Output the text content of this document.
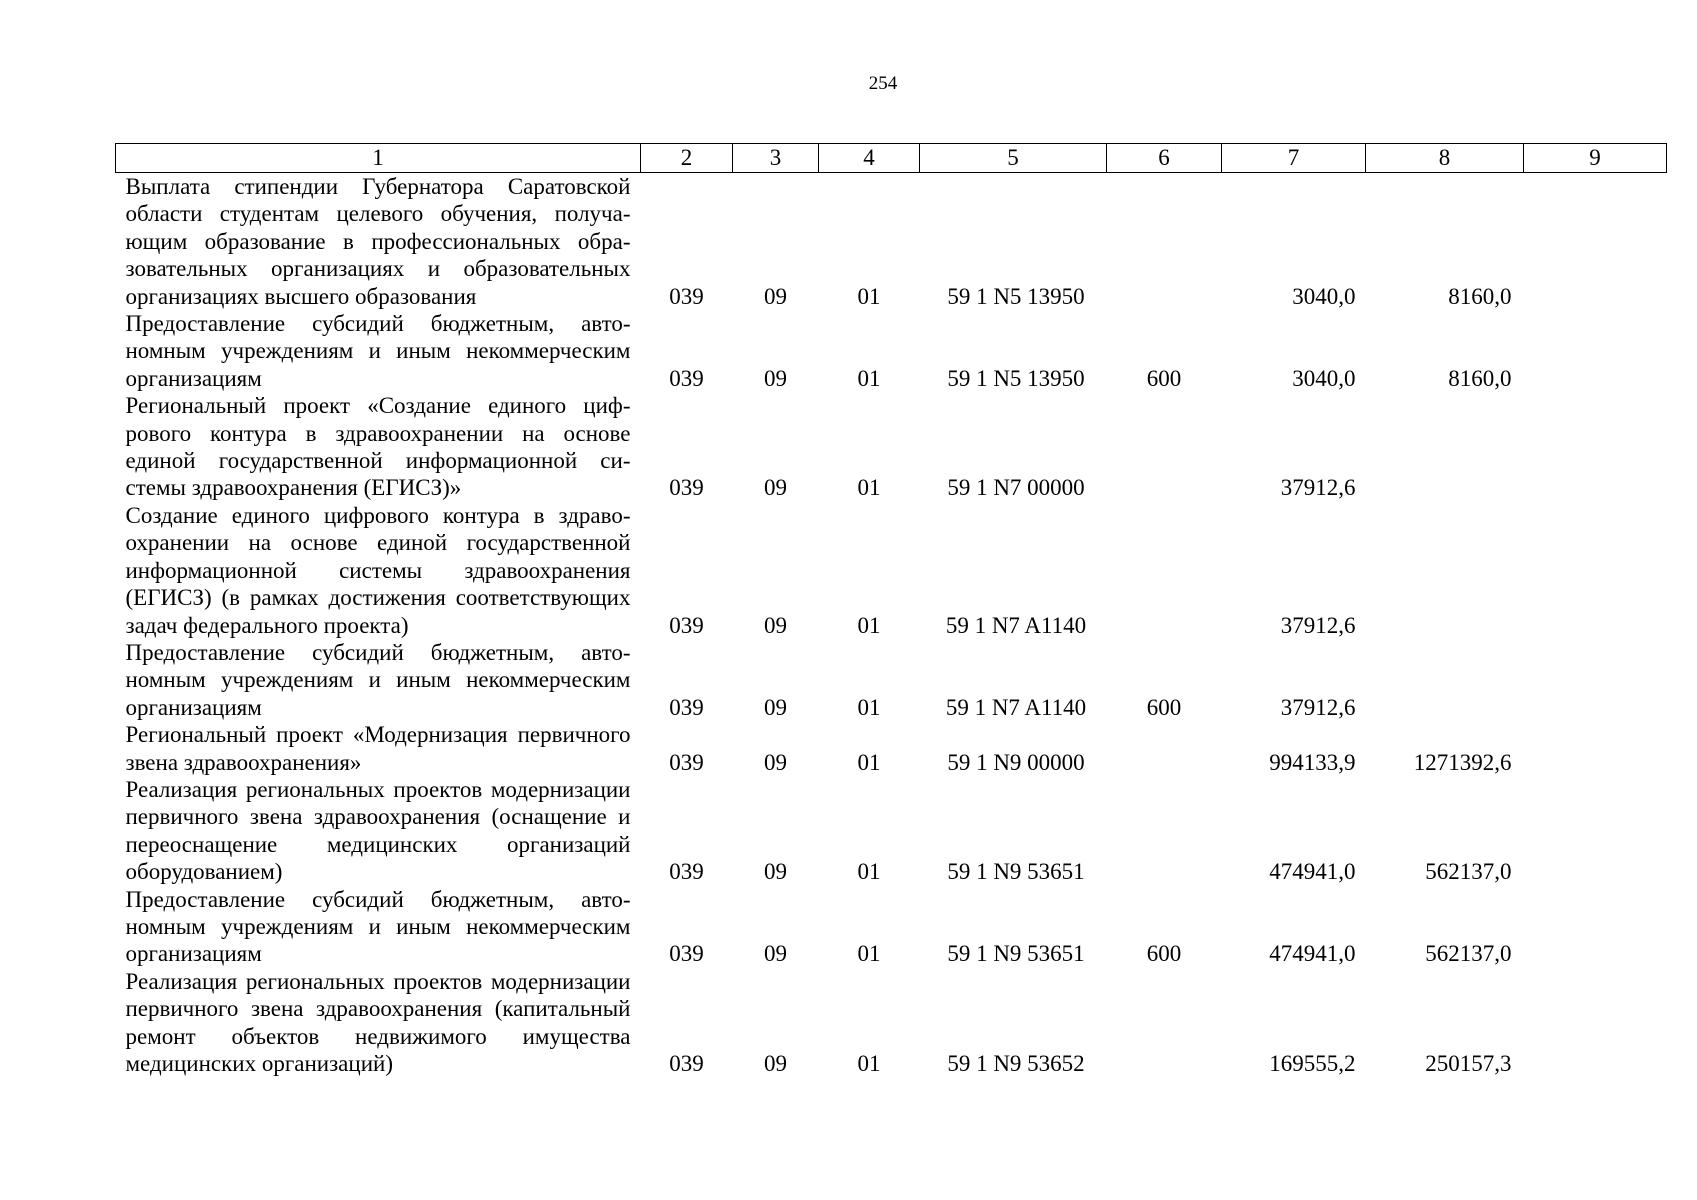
254
1	2	3	4	5	6	7	8	9
Выплата стипендии Губернатора Саратовской области студентам целевого обучения, получающим образование в профессиональных образовательных организациях и образовательных организациях высшего образования	039	09	01	59 1 N5 13950		3040,0	8160,0	
Предоставление субсидий бюджетным, автономным учреждениям и иным некоммерческим организациям	039	09	01	59 1 N5 13950	600	3040,0	8160,0	
Региональный проект «Создание единого цифрового контура в здравоохранении на основе единой государственной информационной системы здравоохранения (ЕГИСЗ)»	039	09	01	59 1 N7 00000		37912,6		
Создание единого цифрового контура в здравоохранении на основе единой государственной информационной системы здравоохранения (ЕГИСЗ) (в рамках достижения соответствующих задач федерального проекта)	039	09	01	59 1 N7 A1140		37912,6		
Предоставление субсидий бюджетным, автономным учреждениям и иным некоммерческим организациям	039	09	01	59 1 N7 A1140	600	37912,6		
Региональный проект «Модернизация первичного звена здравоохранения»	039	09	01	59 1 N9 00000		994133,9	1271392,6	
Реализация региональных проектов модернизации первичного звена здравоохранения (оснащение и переоснащение медицинских организаций оборудованием)	039	09	01	59 1 N9 53651		474941,0	562137,0	
Предоставление субсидий бюджетным, автономным учреждениям и иным некоммерческим организациям	039	09	01	59 1 N9 53651	600	474941,0	562137,0	
Реализация региональных проектов модернизации первичного звена здравоохранения (капитальный ремонт объектов недвижимого имущества медицинских организаций)	039	09	01	59 1 N9 53652		169555,2	250157,3	
